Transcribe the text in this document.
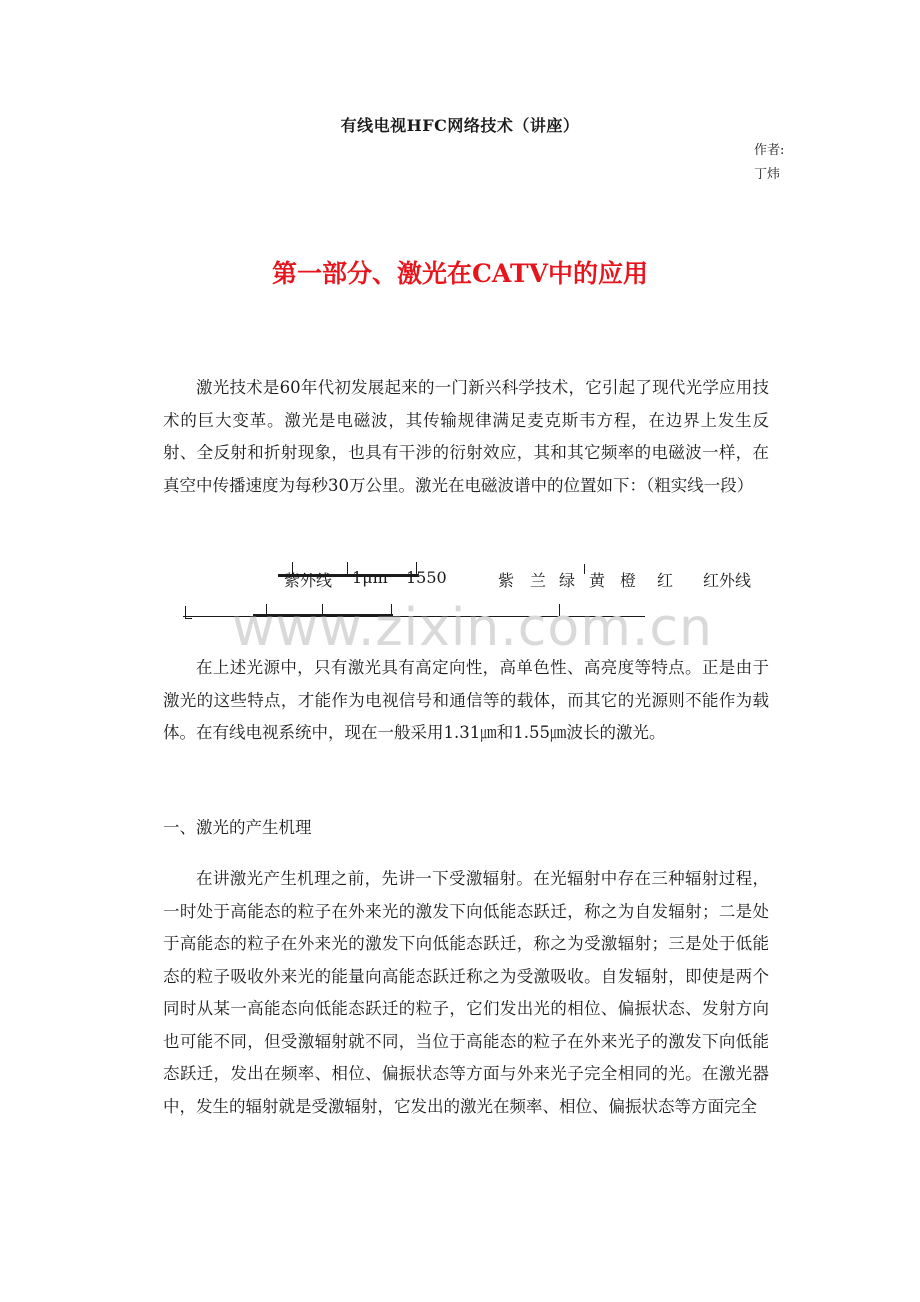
有线电视HFC网络技术（讲座）
作者:
丁炜
第一部分、激光在CATV中的应用

激光技术是60年代初发展起来的一门新兴科学技术，它引起了现代光学应用技术的巨大变革。激光是电磁波，其传输规律满足麦克斯韦方程，在边界上发生反射、全反射和折射现象，也具有干涉的衍射效应，其和其它频率的电磁波一样，在真空中传播速度为每秒30万公里。激光在电磁波谱中的位置如下：（粗实线一段）

紫外线 1μm 1550	紫 兰 绿 黄 橙 红 红外线
www.zixin.com.cn

在上述光源中，只有激光具有高定向性，高单色性、高亮度等特点。正是由于激光的这些特点，才能作为电视信号和通信等的载体，而其它的光源则不能作为载体。在有线电视系统中，现在一般采用1.31㎛和1.55㎛波长的激光。

一、激光的产生机理

在讲激光产生机理之前，先讲一下受激辐射。在光辐射中存在三种辐射过程，一时处于高能态的粒子在外来光的激发下向低能态跃迁，称之为自发辐射；二是处于高能态的粒子在外来光的激发下向低能态跃迁，称之为受激辐射；三是处于低能态的粒子吸收外来光的能量向高能态跃迁称之为受激吸收。自发辐射，即使是两个同时从某一高能态向低能态跃迁的粒子，它们发出光的相位、偏振状态、发射方向也可能不同，但受激辐射就不同，当位于高能态的粒子在外来光子的激发下向低能态跃迁，发出在频率、相位、偏振状态等方面与外来光子完全相同的光。在激光器中，发生的辐射就是受激辐射，它发出的激光在频率、相位、偏振状态等方面完全
